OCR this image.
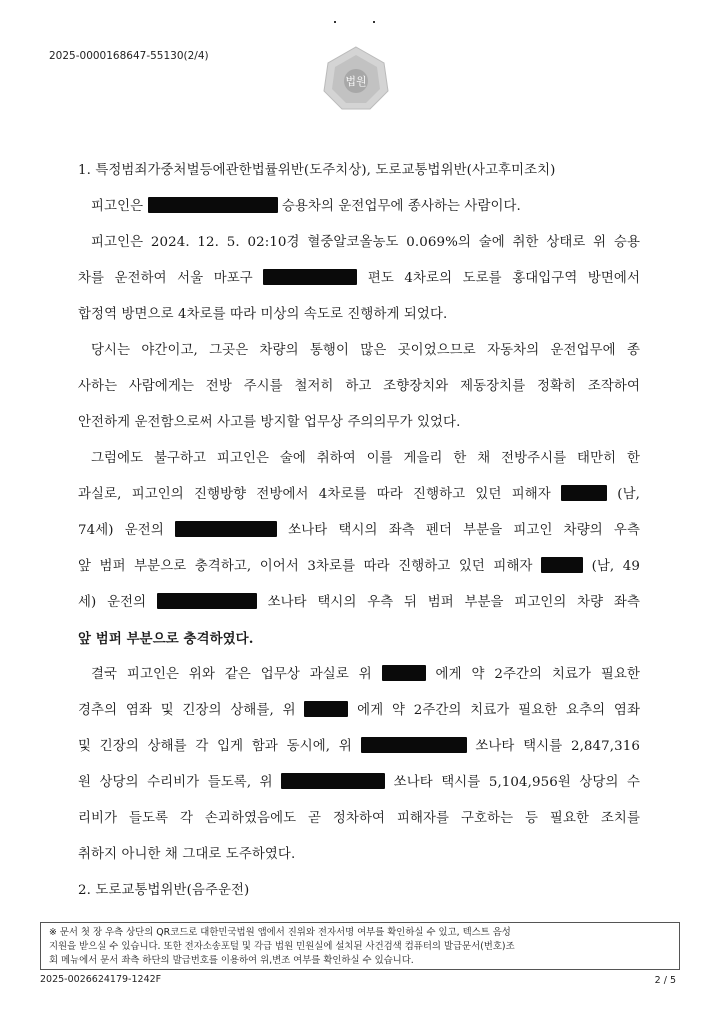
2025-0000168647-55130(2/4)
법원
1. 특정범죄가중처벌등에관한법률위반(도주치상), 도로교통법위반(사고후미조치)
피고인은	승용차의 운전업무에 종사하는 사람이다.
피고인은 2024. 12. 5. 02:10경 혈중알코올농도 0.069%의 술에 취한 상태로 위 승용
차를 운전하여 서울 마포구	편도 4차로의 도로를 홍대입구역 방면에서
합정역 방면으로 4차로를 따라 미상의 속도로 진행하게 되었다.
당시는 야간이고, 그곳은 차량의 통행이 많은 곳이었으므로 자동차의 운전업무에 종
사하는 사람에게는 전방 주시를 철저히 하고 조향장치와 제동장치를 정확히 조작하여
안전하게 운전함으로써 사고를 방지할 업무상 주의의무가 있었다.
그럼에도 불구하고 피고인은 술에 취하여 이를 게을리 한 채 전방주시를 태만히 한
과실로, 피고인의 진행방향 전방에서 4차로를 따라 진행하고 있던 피해자	(남,
74세) 운전의	쏘나타 택시의 좌측 펜더 부분을 피고인 차량의 우측
앞 범퍼 부분으로 충격하고, 이어서 3차로를 따라 진행하고 있던 피해자	(남, 49
세) 운전의	쏘나타 택시의 우측 뒤 범퍼 부분을 피고인의 차량 좌측
앞 범퍼 부분으로 충격하였다.
결국 피고인은 위와 같은 업무상 과실로 위	에게 약 2주간의 치료가 필요한
경추의 염좌 및 긴장의 상해를, 위	에게 약 2주간의 치료가 필요한 요추의 염좌
및 긴장의 상해를 각 입게 함과 동시에, 위	쏘나타 택시를 2,847,316
원 상당의 수리비가 들도록, 위	쏘나타 택시를 5,104,956원 상당의 수
리비가 들도록 각 손괴하였음에도 곧 정차하여 피해자를 구호하는 등 필요한 조치를
취하지 아니한 채 그대로 도주하였다.
2. 도로교통법위반(음주운전)
※ 문서 첫 장 우측 상단의 QR코드로 대한민국법원 앱에서 진위와 전자서명 여부를 확인하실 수 있고, 텍스트 음성
지원을 받으실 수 있습니다. 또한 전자소송포털 및 각급 법원 민원실에 설치된 사건검색 컴퓨터의 발급문서(번호)조
회 메뉴에서 문서 좌측 하단의 발급번호를 이용하여 위,변조 여부를 확인하실 수 있습니다.
2025-0026624179-1242F	2 / 5
